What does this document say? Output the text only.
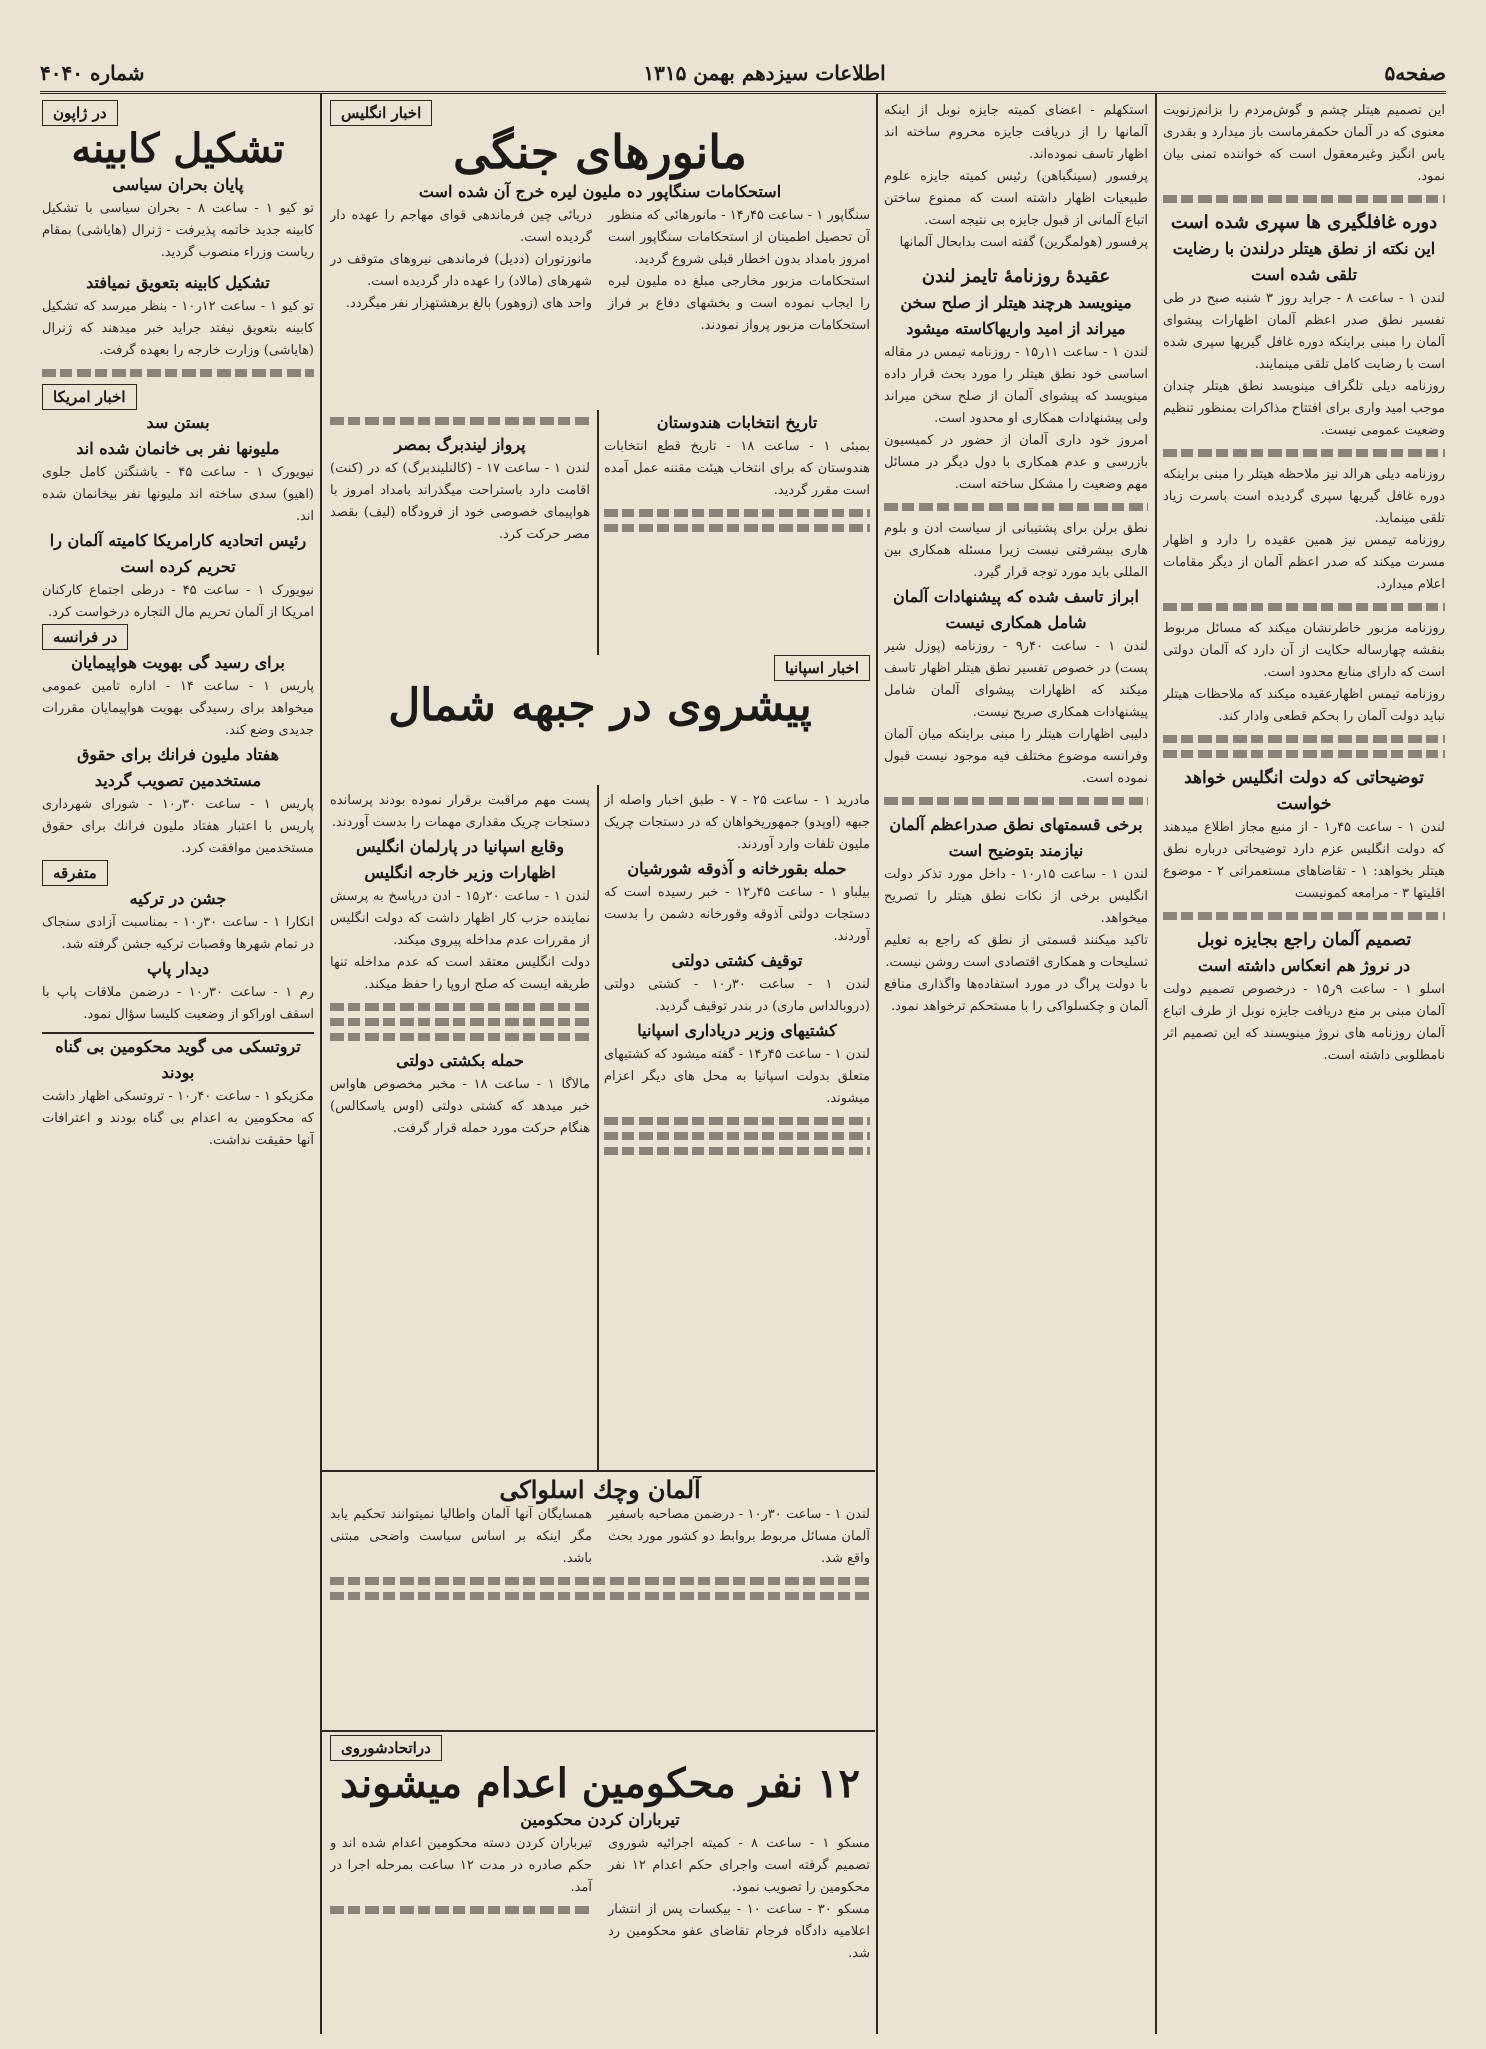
صفحه۵
اطلاعات سیزدهم بهمن ۱۳۱۵
شماره ۴۰۴۰
این تصمیم هیتلر چشم و گوش‌مردم را بزانم‌زنویت معنوی که در آلمان حکمفرماست باز میدارد و بقدری یاس انگیز وغیرمعقول است که خواننده تمنی بیان نمود.
دوره غافلگیری ها سپری شده است
این نکته از نطق هیتلر درلندن با رضایت تلقی شده است
لندن ۱ - ساعت ۸ - جراید روز ۳ شنبه صبح در طی تفسیر نطق صدر اعظم آلمان اظهارات پیشوای آلمان را مبنی براینکه دوره غافل گیریها سپری شده است با رضایت کامل تلقی مینمایند.
روزنامه دیلی تلگراف مینویسد نطق هیتلر چندان موجب امید واری برای افتتاح مذاکرات بمنظور تنظیم وضعیت عمومی نیست.
روزنامه دیلی هرالد نیز ملاحظه هیتلر را مبنی براینکه دوره غافل گیریها سپری گردیده است باسرت زیاد تلقی مینماید.
روزنامه تیمس نیز همین عقیده را دارد و اظهار مسرت میکند که صدر اعظم آلمان از دیگر مقامات اعلام میدارد.
روزنامه مزبور خاطرنشان میکند که مسائل مربوط بنقشه چهارساله حکایت از آن دارد که آلمان دولتی است که دارای منابع محدود است.
روزنامه تیمس اظهارعقیده میکند که ملاحظات هیتلر نباید دولت آلمان را بحکم قطعی وادار کند.
توضیحاتی که دولت انگلیس خواهد خواست
لندن ۱ - ساعت ۴۵ر۱ - از منبع مجاز اطلاع میدهند که دولت انگلیس عزم دارد توضیحاتی درباره نطق هیتلر بخواهد: ۱ - تقاضاهای مستعمراتی ۲ - موضوع اقلیتها ۳ - مرامعه کمونیست
تصمیم آلمان راجع بجایزه نوبل
در نروژ هم انعکاس داشته است
اسلو ۱ - ساعت ۹ر۱۵ - درخصوص تصمیم دولت آلمان مبنی بر منع دریافت جایزه نوبل از طرف اتباع آلمان روزنامه های نروژ مینویسند که این تصمیم اثر نامطلوبی داشته است.
استکهلم - اعضای کمیته جایزه نوبل از اینکه آلمانها را از دریافت جایزه محروم ساخته اند اظهار تاسف نموده‌اند.
پرفسور (سینگباهن) رئیس کمیته جایزه علوم طبیعیات اظهار داشته است که ممنوع ساختن اتباع آلمانی از قبول جایزه بی نتیجه است.
پرفسور (هولمگرین) گفته است بدابحال آلمانها
عقیدهٔ روزنامهٔ تایمز لندن
مینویسد هرچند هیتلر از صلح سخن میراند از امید واریهاکاسته میشود
لندن ۱ - ساعت ۱۱ر۱۵ - روزنامه تیمس در مقاله اساسی خود نطق هیتلر را مورد بحث قرار داده مینویسد که پیشوای آلمان از صلح سخن میراند ولی پیشنهادات همکاری او محدود است.
امروز خود داری آلمان از حضور در کمیسیون بازرسی و عدم همکاری با دول دیگر در مسائل مهم وضعیت را مشکل ساخته است.
نطق برلن برای پشتیبانی از سیاست ادن و بلوم هاری بیشرفتی نیست زیرا مسئله همکاری بین المللی باید مورد توجه قرار گیرد.
ابراز تاسف شده که پیشنهادات آلمان شامل همکاری نیست
لندن ۱ - ساعت ۴۰ر۹ - روزنامه (پوزل شیر پست) در خصوص تفسیر نطق هیتلر اظهار تاسف میکند که اظهارات پیشوای آلمان شامل پیشنهادات همکاری صریح نیست.
دلیبی اظهارات هیتلر را مبنی براینکه میان آلمان وفرانسه موضوع مختلف فیه موجود نیست قبول نموده است.
برخی قسمتهای نطق صدراعظم آلمان نیازمند بتوضیح است
لندن ۱ - ساعت ۱۵ر۱۰ - داخل مورد تذکر دولت انگلیس برخی از نکات نطق هیتلر را تصریح میخواهد.
تاکید میکنند قسمتی از نطق که راجع به تعلیم تسلیحات و همکاری اقتصادی است روشن نیست.
با دولت پراگ در مورد استفاده‌ها واگذاری منافع آلمان و چکسلواکی را با مستحکم ترخواهد نمود.
اخبار انگلیس
مانورهای جنگی
استحکامات سنگاپور ده ملیون لیره خرج آن شده است
سنگاپور ۱ - ساعت ۴۵ر۱۴ - مانورهائی که منظور آن تحصیل اطمینان از استحکامات سنگاپور است امروز بامداد بدون اخطار قبلی شروع گردید.
استحکامات مزبور مخارجی مبلغ ده ملیون لیره را ایجاب نموده است و بخشهای دفاع بر فراز استحکامات مزبور پرواز نمودند.
دریائی چین فرماندهی قوای مهاجم را عهده دار گردیده است.
مانوزتوران (ددیل) فرماندهی نیروهای متوقف در شهرهای (مالاد) را عهده دار گردیده است.
واحد های (زوهور) بالغ برهشتهزار نفر میگردد.
تاریخ انتخابات هندوستان
بمبئی ۱ - ساعت ۱۸ - تاریخ قطع انتخابات هندوستان که برای انتخاب هیئت مقننه عمل آمده است مقرر گردید.
پرواز لیندبرگ بمصر
لندن ۱ - ساعت ۱۷ - (کالنلیندبرگ) که در (کنت) اقامت دارد باستراحت میگذراند بامداد امروز با هواپیمای خصوصی خود از فرودگاه (لیف) بقصد مصر حرکت کرد.
اخبار اسپانیا
پیشروی در جبهه شمال
مادرید ۱ - ساعت ۲۵ - ۷ - طبق اخبار واصله از جبهه (اوپدو) جمهوریخواهان که در دستجات چریک ملیون تلفات وارد آوردند.
حمله بقورخانه و آذوقه شورشیان
بیلباو ۱ - ساعت ۴۵ر۱۲ - خبر رسیده است که دستجات دولتی آذوقه وقورخانه دشمن را بدست آوردند.
توقیف کشتی دولتی
لندن ۱ - ساعت ۳۰ر۱۰ - کشتی دولتی (دروبالداس ماری) در بندر توقیف گردید.
کشتیهای وزیر دریاداری اسپانیا
لندن ۱ - ساعت ۴۵ر۱۴ - گفته میشود که کشتیهای متعلق بدولت اسپانیا به محل های دیگر اعزام میشوند.
پست مهم مراقبت برقرار نموده بودند پرسانده دستجات چریک مقداری مهمات را بدست آوردند.
وقایع اسپانیا در پارلمان انگلیس اظهارات وزیر خارجه انگلیس
لندن ۱ - ساعت ۲۰ر۱۵ - ادن درپاسخ به پرسش نماینده حزب کار اظهار داشت که دولت انگلیس از مقررات عدم مداخله پیروی میکند.
دولت انگلیس معتقد است که عدم مداخله تنها طریقه ایست که صلح اروپا را حفظ میکند.
حمله بکشتی دولتی
مالاگا ۱ - ساعت ۱۸ - مخبر مخصوص هاواس خبر میدهد که کشتی دولتی (اوس یاسکالس) هنگام حرکت مورد حمله قرار گرفت.
آلمان وچك اسلواكی
لندن ۱ - ساعت ۳۰ر۱۰ - درضمن مصاحبه باسفیر آلمان مسائل مربوط بروابط دو کشور مورد بحث واقع شد.
همسایگان آنها آلمان واطالیا نمیتوانند تحکیم یابد مگر اینکه بر اساس سیاست واضحی مبتنی باشد.
دراتحادشوروی
۱۲ نفر محکومین اعدام میشوند
تیرباران کردن محکومین
مسکو ۱ - ساعت ۸ - کمیته اجرائیه شوروی تصمیم گرفته است واجرای حکم اعدام ۱۲ نفر محکومین را تصویب نمود.
مسکو ۳۰ - ساعت ۱۰ - بیکسات پس از انتشار اعلامیه دادگاه فرجام تقاضای عفو محکومین رد شد.
تیرباران کردن دسته محکومین اعدام شده اند و حکم صادره در مدت ۱۲ ساعت بمرحله اجرا در آمد.
در ژاپون
تشکیل کابینه
پایان بحران سیاسی
تو کیو ۱ - ساعت ۸ - بحران سیاسی با تشکیل کابینه جدید خاتمه پذیرفت - ژنرال (هایاشی) بمقام ریاست وزراء منصوب گردید.
تشکیل کابینه بتعویق نمیافتد
تو کیو ۱ - ساعت ۱۲ر۱۰ - بنظر میرسد که تشکیل کابینه بتعویق نیفتد جراید خبر میدهند که ژنرال (هایاشی) وزارت خارجه را بعهده گرفت.
اخبار امریکا
بستن سد
ملیونها نفر بی خانمان شده اند
نیویورک ۱ - ساعت ۴۵ - باشنگتن کامل جلوی (اهیو) سدی ساخته اند ملیونها نفر بیخانمان شده اند.
رئیس اتحادیه کارامریکا کامیته آلمان را تحریم کرده است
نیویورک ۱ - ساعت ۴۵ - درطی اجتماع کارکنان امریکا از آلمان تحریم مال التجاره درخواست کرد.
در فرانسه
برای رسید گی بهویت هواپیمایان
پاریس ۱ - ساعت ۱۴ - اداره تامین عمومی میخواهد برای رسیدگی بهویت هواپیمایان مقررات جدیدی وضع کند.
هفتاد ملیون فرانك برای حقوق مستخدمین تصویب گردید
پاریس ۱ - ساعت ۳۰ر۱۰ - شورای شهرداری پاریس با اعتبار هفتاد ملیون فرانك برای حقوق مستخدمین موافقت کرد.
متفرقه
جشن در ترکیه
انکارا ۱ - ساعت ۳۰ر۱۰ - بمناسبت آزادی سنجاک در تمام شهرها وقصبات ترکیه جشن گرفته شد.
دیدار پاپ
رم ۱ - ساعت ۳۰ر۱۰ - درضمن ملاقات پاپ با اسقف اوراکو از وضعیت کلیسا سؤال نمود.
تروتسکی می گوید محکومین بی گناه بودند
مکزیکو ۱ - ساعت ۴۰ر۱۰ - تروتسکی اظهار داشت که محکومین به اعدام بی گناه بودند و اعترافات آنها حقیقت نداشت.
